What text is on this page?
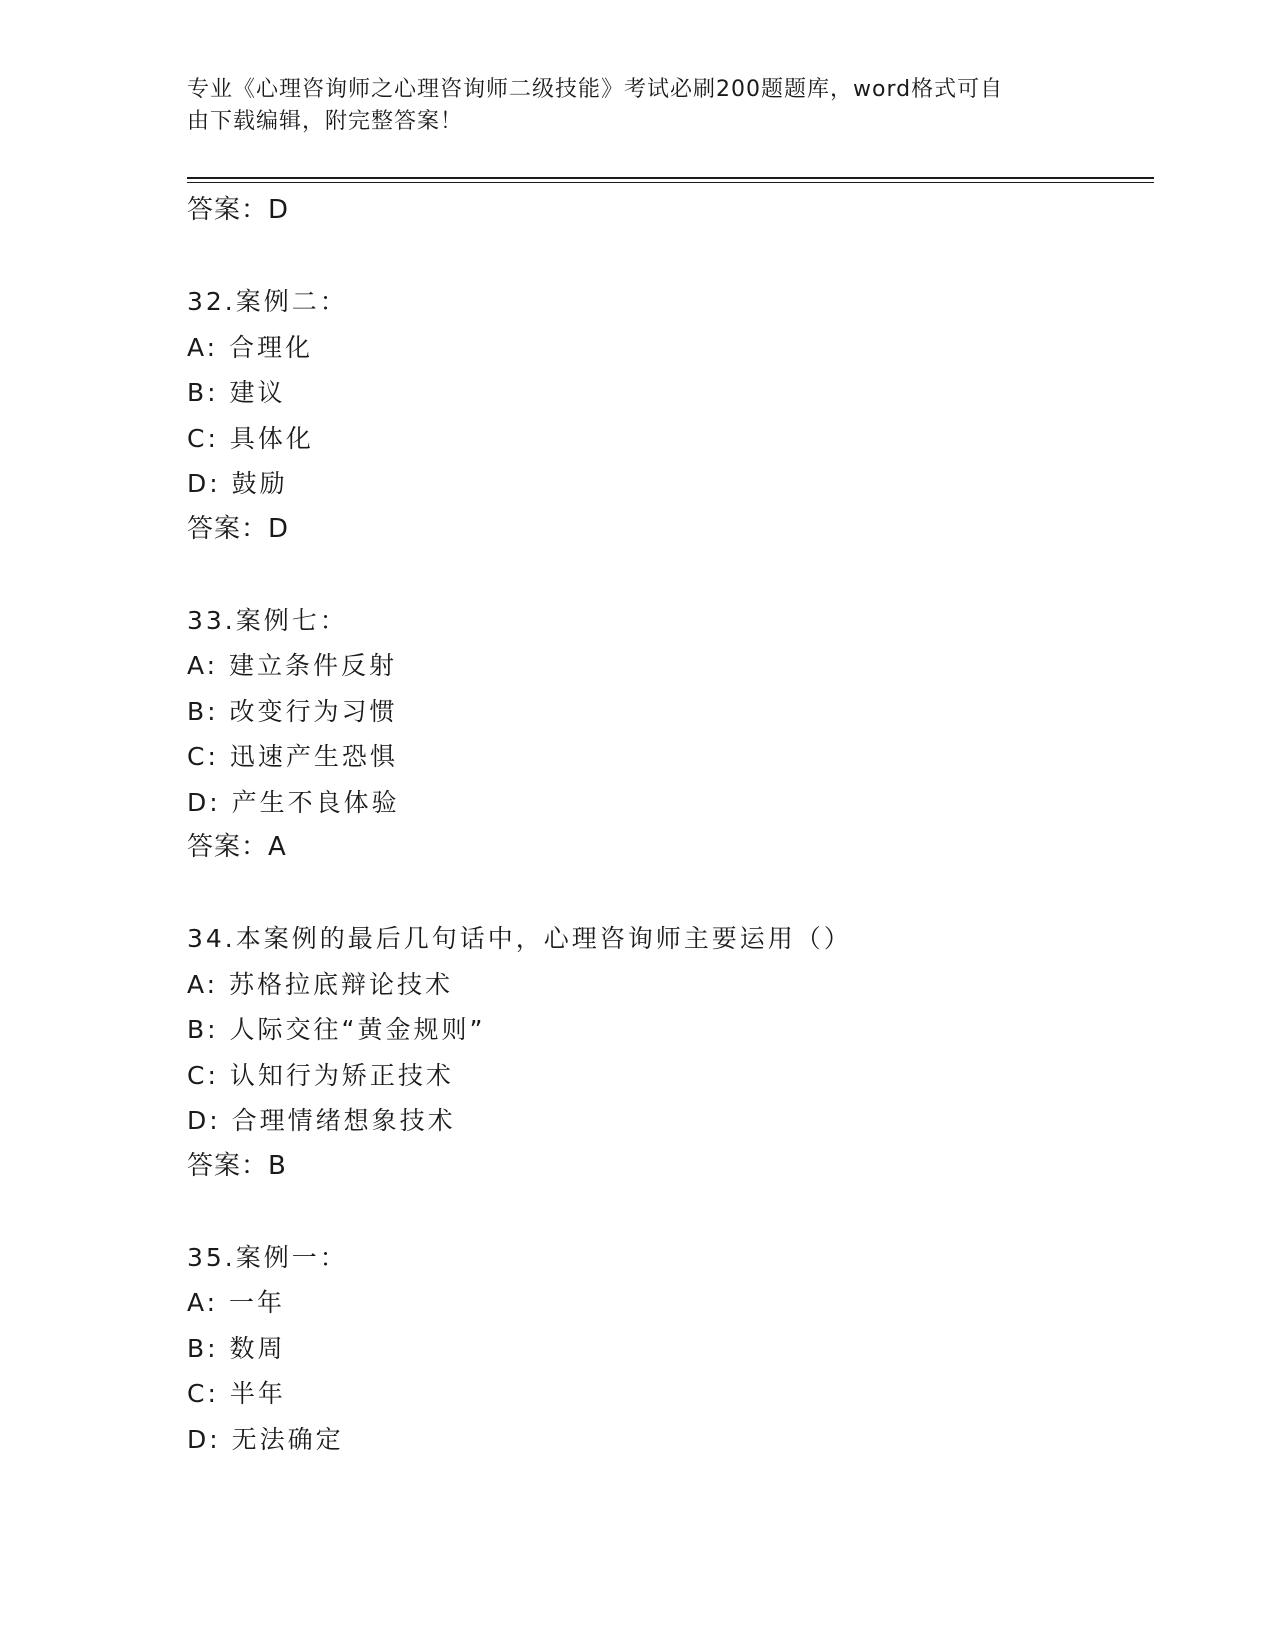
专业《心理咨询师之心理咨询师二级技能》考试必刷200题题库，word格式可自
由下载编辑，附完整答案！
答案：D
32.案例二：
A: 合理化
B: 建议
C: 具体化
D: 鼓励
答案：D
33.案例七：
A: 建立条件反射
B: 改变行为习惯
C: 迅速产生恐惧
D: 产生不良体验
答案：A
34.本案例的最后几句话中，心理咨询师主要运用（）
A: 苏格拉底辩论技术
B: 人际交往“黄金规则”
C: 认知行为矫正技术
D: 合理情绪想象技术
答案：B
35.案例一：
A: 一年
B: 数周
C: 半年
D: 无法确定
